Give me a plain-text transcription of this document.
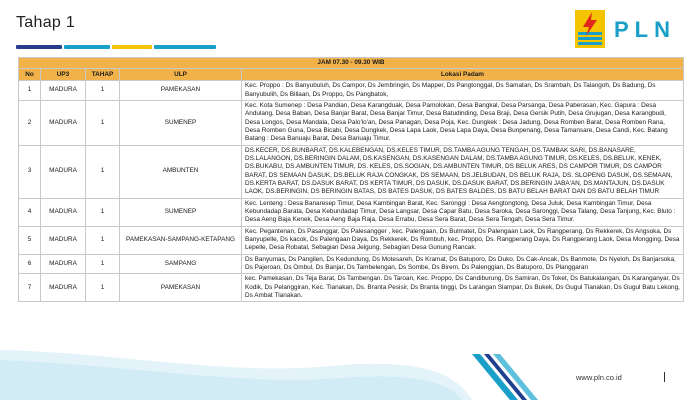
Tahap 1	PLN
JAM 07.30 - 09.30 WIB				
No	UP3	TAHAP	ULP	Lokasi Padam
1	MADURA	1	PAMEKASAN	Kec. Proppo : Ds Banyubuluh, Ds Campor, Ds Jembringin, Ds Mapper, Ds Pangtonggal, Ds Samatan, Ds Srambah, Ds Talangoh, Ds Badung, Ds Banyubulih, Ds Billaan, Ds Proppo, Ds Pangbatok,
2	MADURA	1	SUMENEP	Kec. Kota Sumenep : Desa Pandian, Desa Karangduak, Desa Pamolokan, Desa Bangkal, Desa Parsanga, Desa Paberasan, Kec. Gapura : Desa Andulang, Desa Baban, Desa Banjar Barat, Desa Banjar Timur, Desa Batudinding, Desa Braji, Desa Gersik Putih, Desa Grujugan, Desa Karangbudi, Desa Longos, Desa Mandala, Desa Palo'lo'an, Desa Panagan, Desa Poja, Kec. Dungkek : Desa Jadung, Desa Romben Barat, Desa Romben Rana, Desa Romben Guna, Desa Bicabi, Desa Dungkek, Desa Lapa Laok, Desa Lapa Daya, Desa Bunpenang, Desa Tamansare, Desa Candi, Kec. Batang Batang : Desa Banuaju Barat, Desa Banuaju Timur.
3	MADURA	1	AMBUNTEN	DS.KECER, DS.BUNBARAT, DS.KALEBENGAN, DS.KELES TIMUR, DS.TAMBA AGUNG TENGAH, DS.TAMBAK SARI, DS.BANASARE, DS.LALANGON, DS.BERINGIN DALAM, DS.KASENGAN, DS.KASENGAN DALAM, DS.TAMBA AGUNG TIMUR, DS.KELES, DS.BELUK, KENEK, DS.BUKABU, DS.AMBUNTEN TIMUR, DS. KELES, DS.SOGIAN, DS.AMBUNTEN TIMUR, DS BELUK ARES, DS CAMPOR TIMUR, DS CAMPOR BARAT, DS SEMAAN DASUK, DS.BELUK RAJA CONGKAK, DS SEMAAN, DS.JELBUDAN, DS BELUK RAJA, DS. SLOPENG DASUK, DS.SEMAAN, DS.KERTA BARAT, DS.DASUK BARAT, DS KERTA TIMUR, DS DASUK, DS.DASUK BARAT, DS.BERINGIN JABA'AN, DS.MANTAJUN, DS.DASUK LAOK, DS.BERINGIN, DS BERINGIN BATAS, DS BATES DASUK, DS BATES BALDES, DS BATU BELAH BARAT DAN DS BATU BELAH TIMUR
4	MADURA	1	SUMENEP	Kec. Lenteng : Desa Banaresep Timur, Desa Kambingan Barat, Kec. Saronggi : Desa Aengtongtong, Desa Juluk, Desa Kambingan Timur, Desa Kebundadap Barata, Desa Kebundadap Timur, Desa Langsar, Desa Capar Batu, Desa Saroka, Desa Saronggi, Desa Talang, Desa Tanjung, Kec. Bluto : Desa Aeng Baja Kenek, Desa Aeng Baja Raja, Desa Errabu, Desa Sera Barat, Desa Sera Tengah, Desa Sera Timur.
5	MADURA	1	PAMEKASAN-SAMPANG-KETAPANG	Kec. Pegantenan, Ds Pasanggar, Ds Palesangger , kec. Palengaan, Ds Bulmatet, Ds Palengaan Laok, Ds Rangperang, Ds Rekkerek, Ds Angsoka, Ds Banyupelle, Ds kacok, Ds Palengaan Daya, Ds Rekkerek, Ds Rombuh, kec. Proppo, Ds. Rangperang Daya, Ds Rangperang Laok, Desa Mongging, Desa Lepelle, Desa Robatal, Sebagian Desa Jelgung, Sebagian Desa Gunung Rancak.
6	MADURA	1	SAMPANG	Ds Banyumas, Ds Pangilen, Ds Kedundung, Ds Motesareh, Ds Kramat, Ds Batuporo, Ds Duko, Ds Cak-Ancak, Ds Banmote, Ds Nyeloh, Ds Banjarsoka, Ds Pajeroan, Ds Ombul, Ds Banjar, Ds Tambelengan, Ds Sombe, Ds Birem, Ds Palenggian, Ds Batuporo, Ds Planggaran
7	MADURA	1	PAMEKASAN	kec. Pamekasan, Ds Teja Barat, Ds Tambengan. Ds Taroan, Kec. Proppo, Ds Candiburung, Ds Samiran, Ds Toket, Ds Batukalangan, Ds Karanganyar, Ds Kodik, Ds Pelanggiran, Kec. Tlanakan, Ds. Branta Pesisir, Ds Branta tinggi, Ds Larangan Slampar, Ds Bukek, Ds Gugul Tlanakan, Ds Gugul Batu Lekong, Ds Ambat Tlanakan.
www.pln.co.id
